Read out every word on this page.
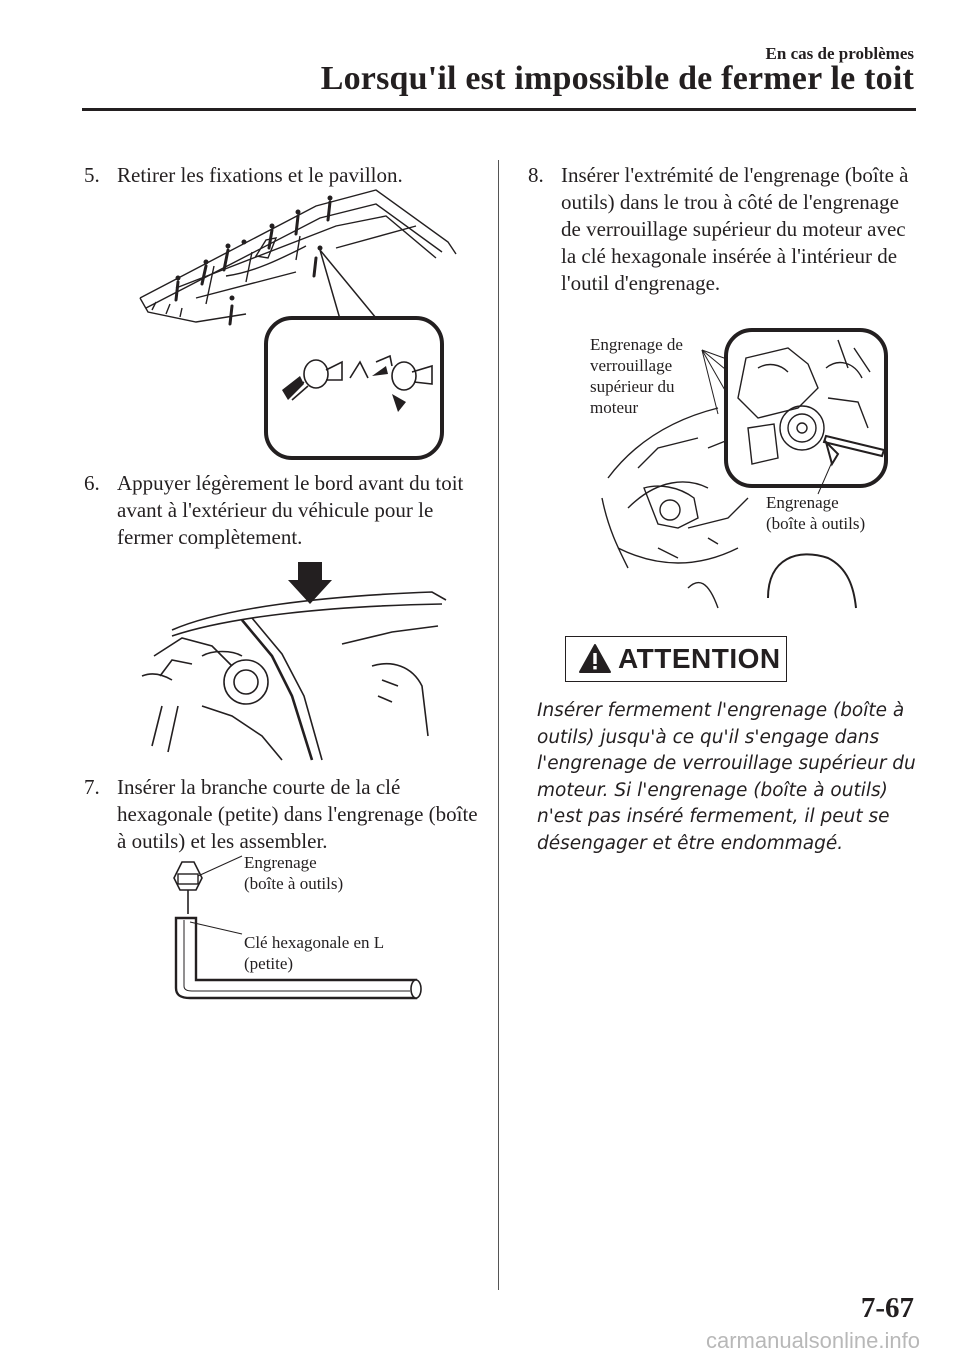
En cas de problèmes
Lorsqu'il est impossible de fermer le toit
5. Retirer les fixations et le pavillon.
6. Appuyer légèrement le bord avant du toit avant à l'extérieur du véhicule pour le fermer complètement.
7. Insérer la branche courte de la clé hexagonale (petite) dans l'engrenage (boîte à outils) et les assembler.
Engrenage
(boîte à outils)
Clé hexagonale en L
(petite)
8. Insérer l'extrémité de l'engrenage (boîte à outils) dans le trou à côté de l'engrenage de verrouillage supérieur du moteur avec la clé hexagonale insérée à l'intérieur de l'outil d'engrenage.
Engrenage de
verrouillage
supérieur du
moteur
Engrenage
(boîte à outils)
ATTENTION
Insérer fermement l'engrenage (boîte à outils) jusqu'à ce qu'il s'engage dans l'engrenage de verrouillage supérieur du moteur. Si l'engrenage (boîte à outils) n'est pas inséré fermement, il peut se désengager et être endommagé.
7-67
carmanualsonline.info
